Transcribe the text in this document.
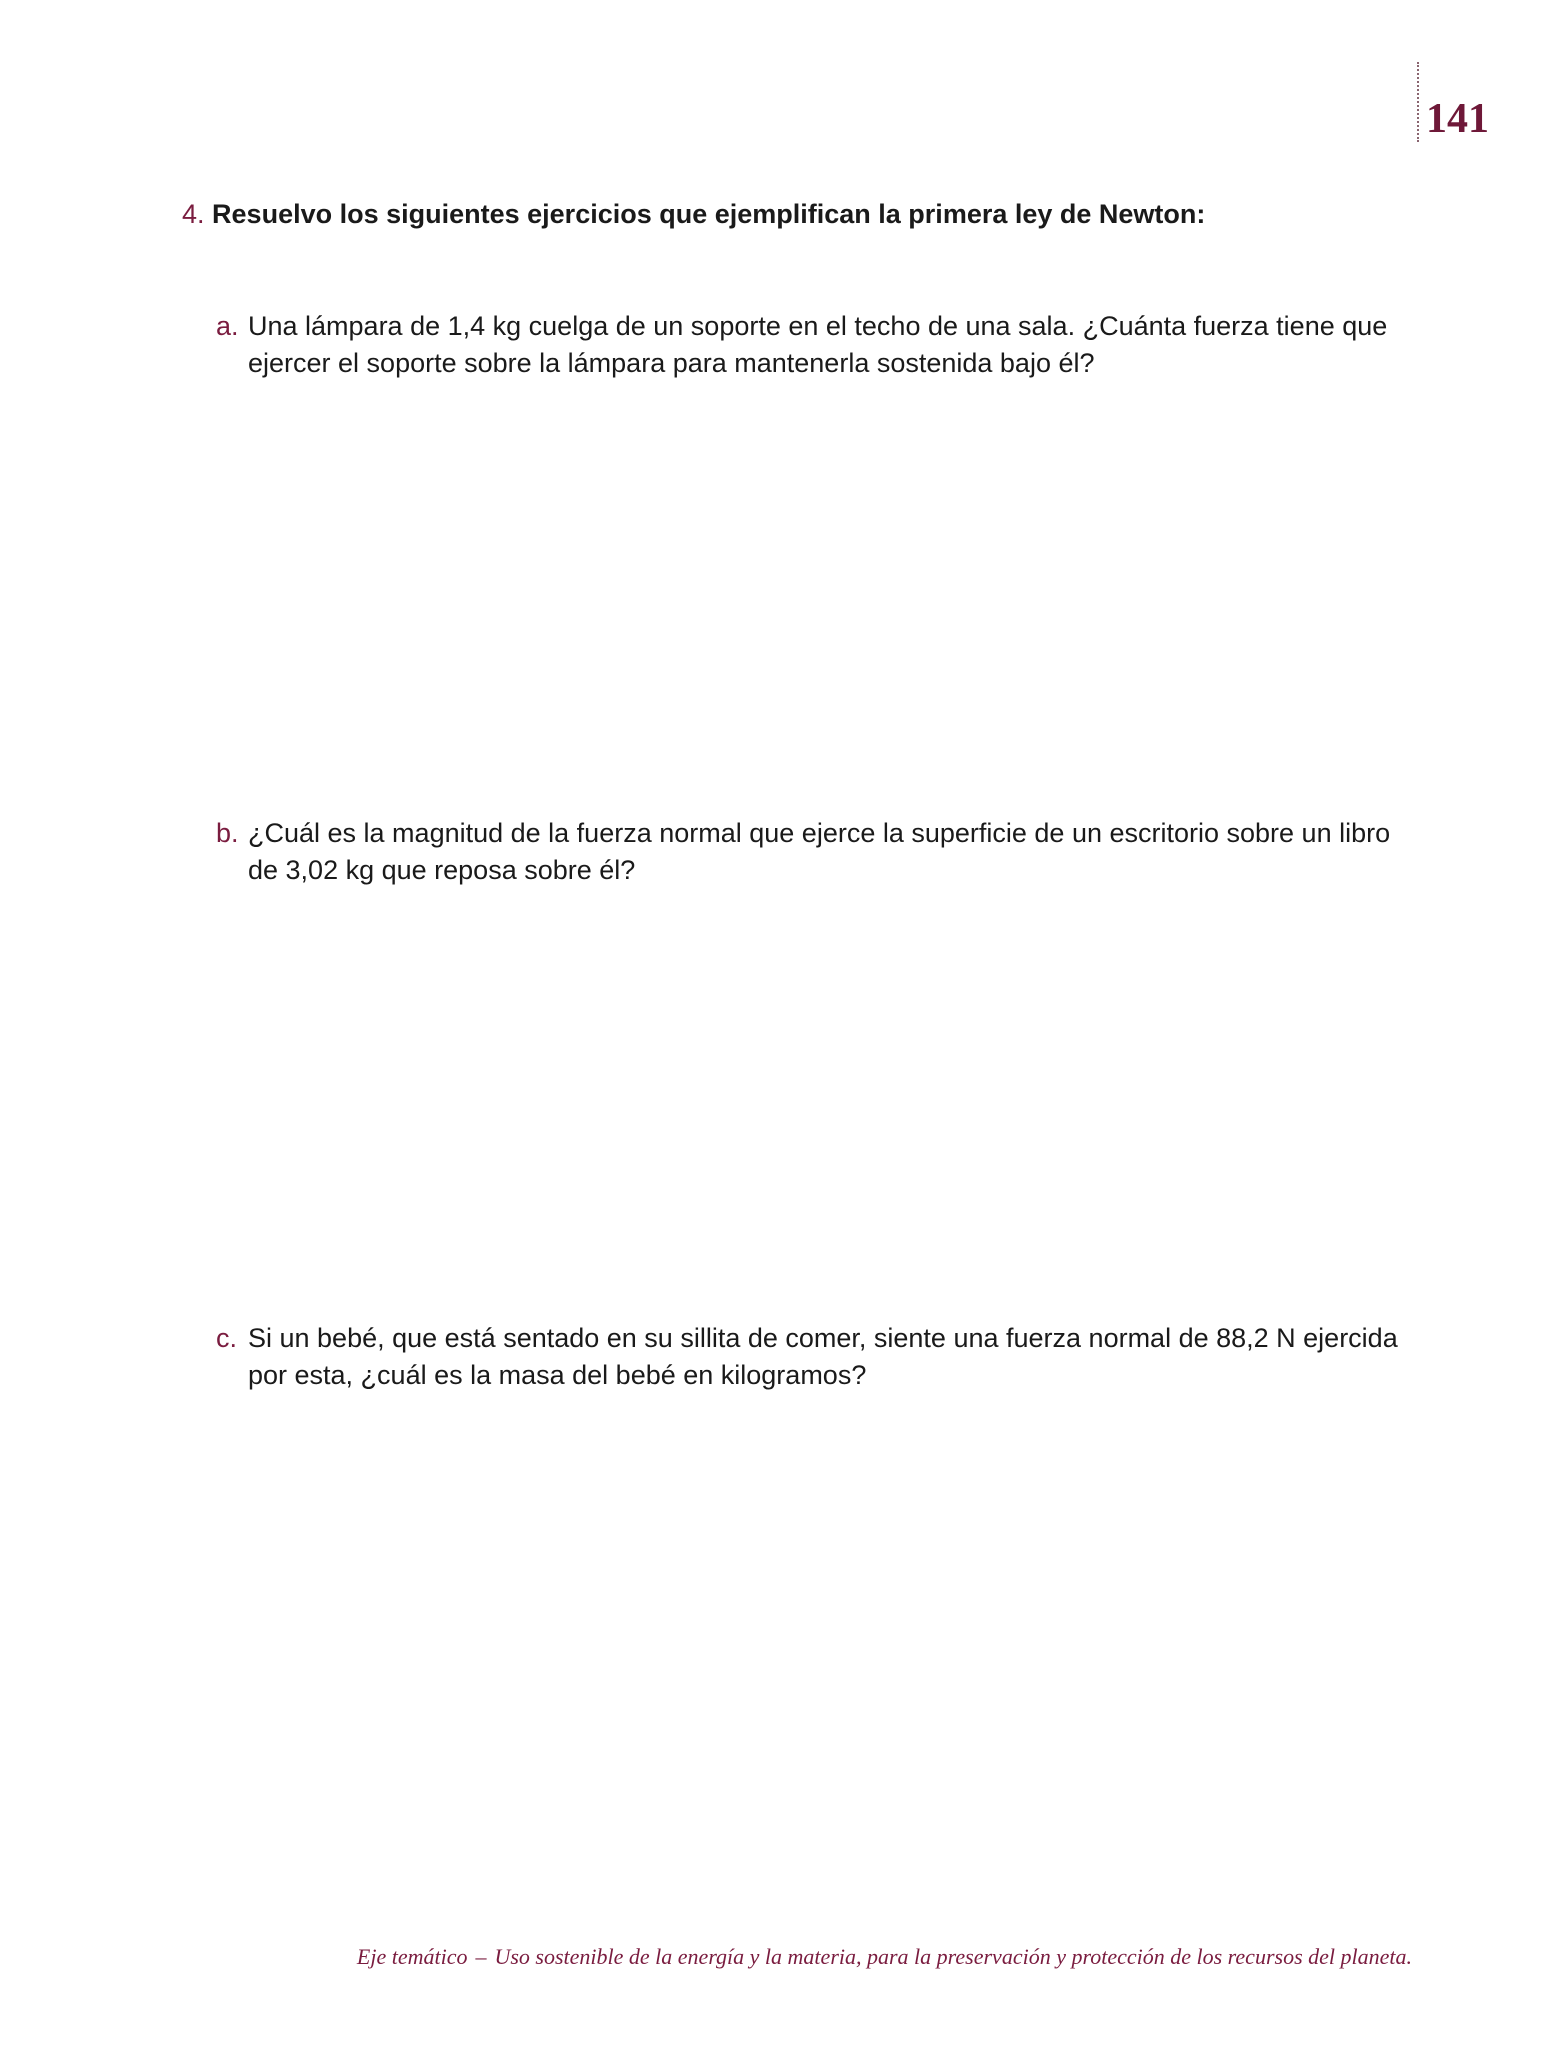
141
4. Resuelvo los siguientes ejercicios que ejemplifican la primera ley de Newton:
a. Una lámpara de 1,4 kg cuelga de un soporte en el techo de una sala. ¿Cuánta fuerza tiene que ejercer el soporte sobre la lámpara para mantenerla sostenida bajo él?
b. ¿Cuál es la magnitud de la fuerza normal que ejerce la superficie de un escritorio sobre un libro de 3,02 kg que reposa sobre él?
c. Si un bebé, que está sentado en su sillita de comer, siente una fuerza normal de 88,2 N ejercida por esta, ¿cuál es la masa del bebé en kilogramos?
Eje temático – Uso sostenible de la energía y la materia, para la preservación y protección de los recursos del planeta.
